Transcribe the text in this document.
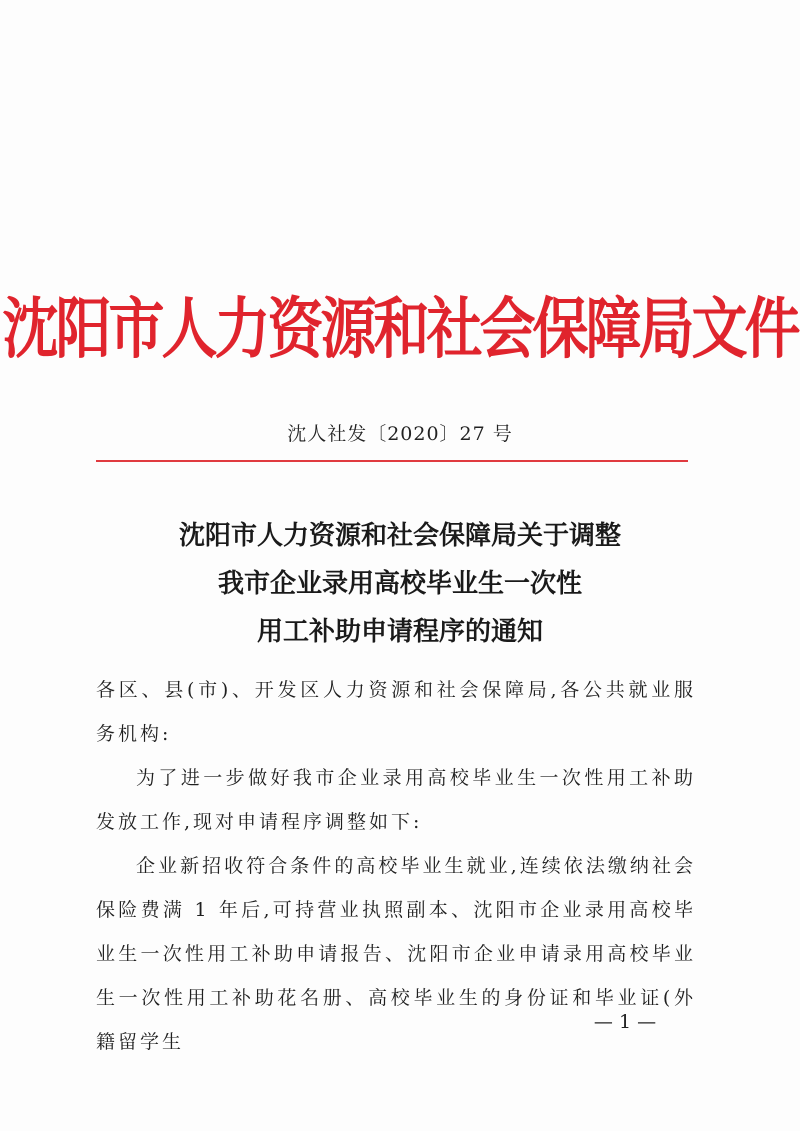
沈阳市人力资源和社会保障局文件
沈人社发〔2020〕27 号
沈阳市人力资源和社会保障局关于调整
我市企业录用高校毕业生一次性
用工补助申请程序的通知
各区、县(市)、开发区人力资源和社会保障局,各公共就业服务机构:
为了进一步做好我市企业录用高校毕业生一次性用工补助发放工作,现对申请程序调整如下:
企业新招收符合条件的高校毕业生就业,连续依法缴纳社会保险费满 1 年后,可持营业执照副本、沈阳市企业录用高校毕业生一次性用工补助申请报告、沈阳市企业申请录用高校毕业生一次性用工补助花名册、高校毕业生的身份证和毕业证(外籍留学生
— 1 —
